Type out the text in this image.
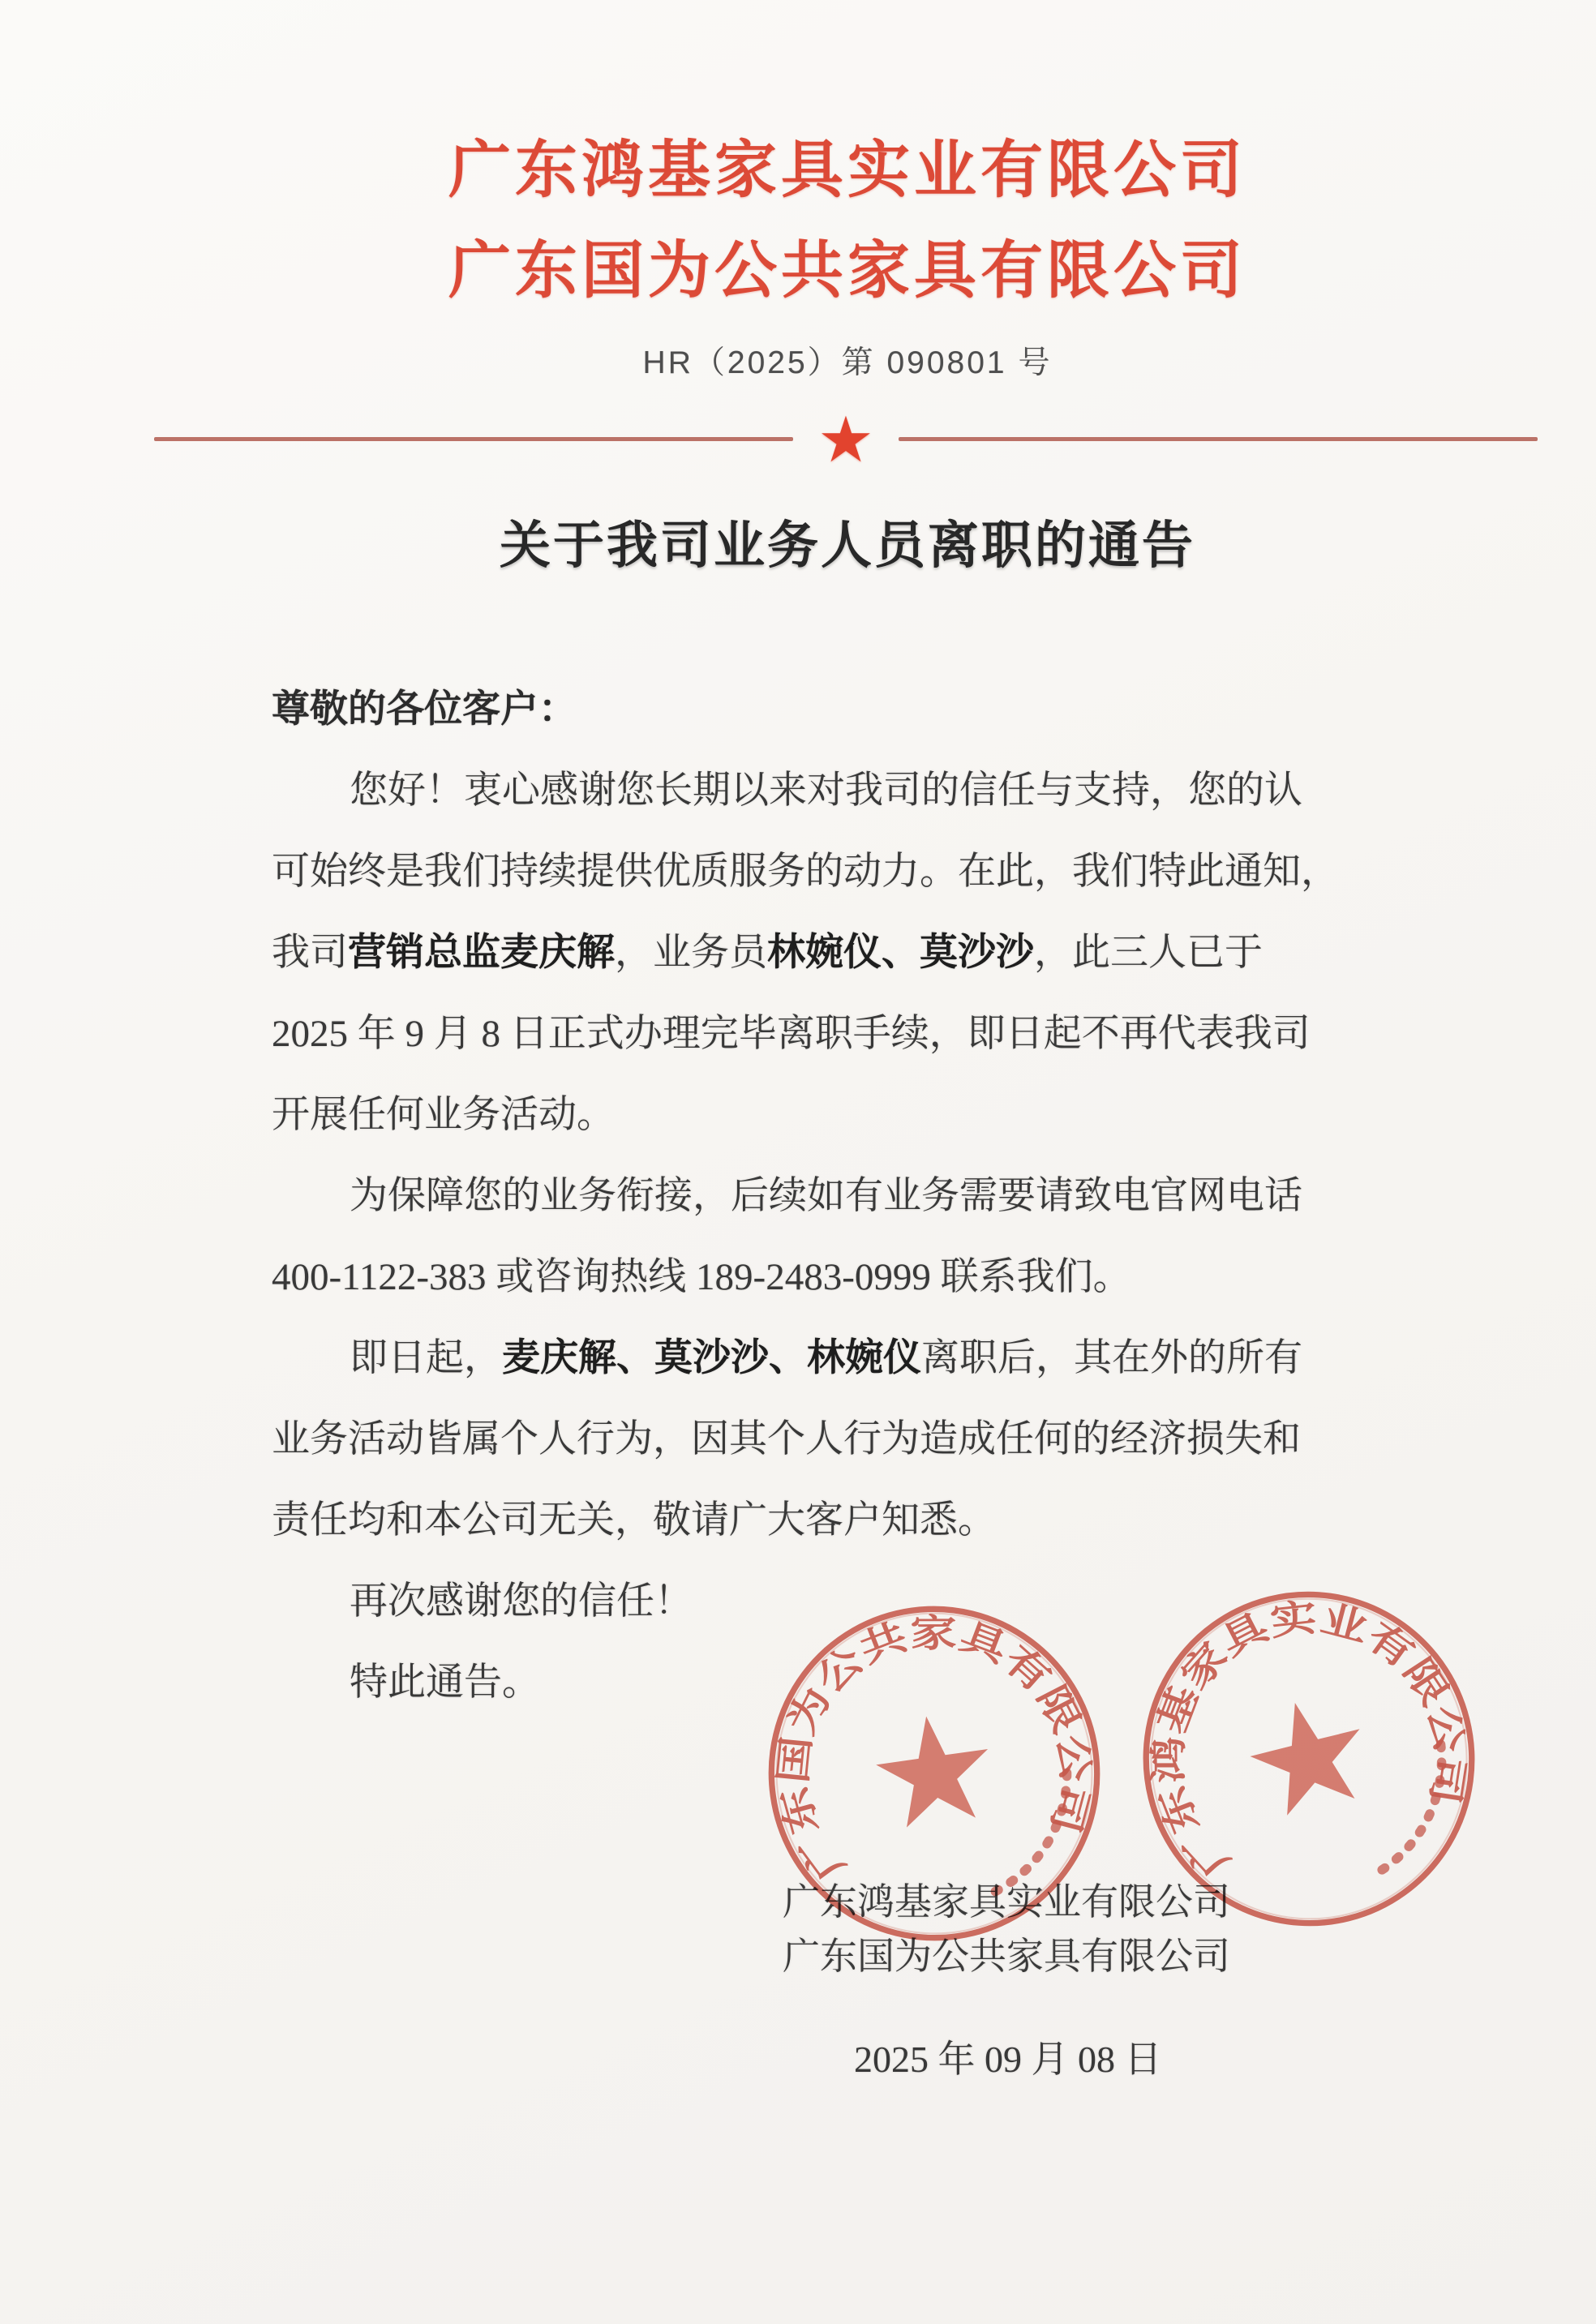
广东鸿基家具实业有限公司
广东国为公共家具有限公司
HR（2025）第 090801 号
★
关于我司业务人员离职的通告
尊敬的各位客户：

您好！衷心感谢您长期以来对我司的信任与支持，您的认

可始终是我们持续提供优质服务的动力。在此，我们特此通知，

我司营销总监麦庆解，业务员林婉仪、莫沙沙，此三人已于

2025 年 9 月 8 日正式办理完毕离职手续，即日起不再代表我司

开展任何业务活动。

为保障您的业务衔接，后续如有业务需要请致电官网电话

400-1122-383 或咨询热线 189-2483-0999 联系我们。

即日起，麦庆解、莫沙沙、林婉仪离职后，其在外的所有

业务活动皆属个人行为，因其个人行为造成任何的经济损失和

责任均和本公司无关，敬请广大客户知悉。

再次感谢您的信任！

特此通告。

广东鸿基家具实业有限公司
广东国为公共家具有限公司
2025 年 09 月 08 日
广东国为公共家具有限公司
广东鸿基家具实业有限公司
